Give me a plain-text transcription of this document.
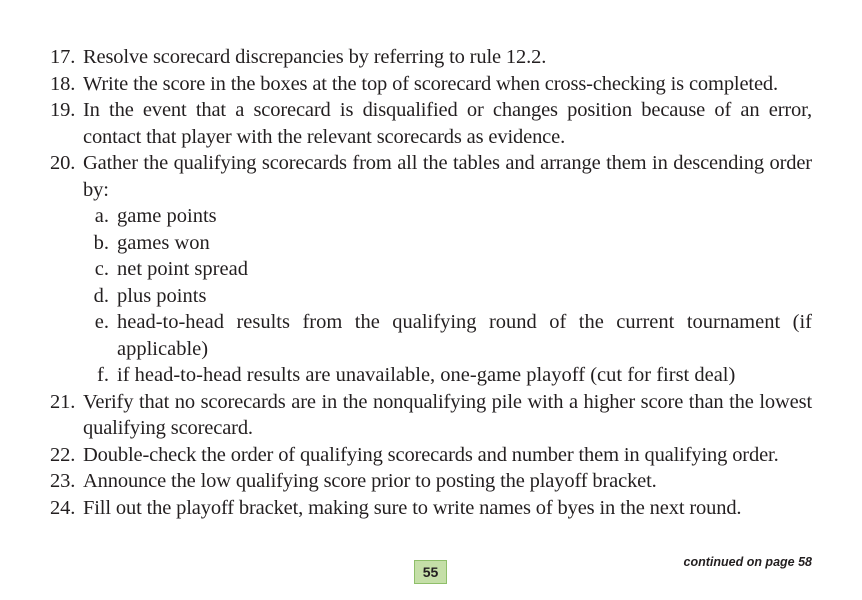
17. Resolve scorecard discrepancies by referring to rule 12.2.
18. Write the score in the boxes at the top of scorecard when cross-checking is completed.
19. In the event that a scorecard is disqualified or changes position because of an error, contact that player with the relevant scorecards as evidence.
20. Gather the qualifying scorecards from all the tables and arrange them in descending order by:
a. game points
b. games won
c. net point spread
d. plus points
e. head-to-head results from the qualifying round of the current tournament (if applicable)
f. if head-to-head results are unavailable, one-game playoff (cut for first deal)
21. Verify that no scorecards are in the nonqualifying pile with a higher score than the lowest qualifying scorecard.
22. Double-check the order of qualifying scorecards and number them in qualifying order.
23. Announce the low qualifying score prior to posting the playoff bracket.
24. Fill out the playoff bracket, making sure to write names of byes in the next round.
continued on page 58
55
